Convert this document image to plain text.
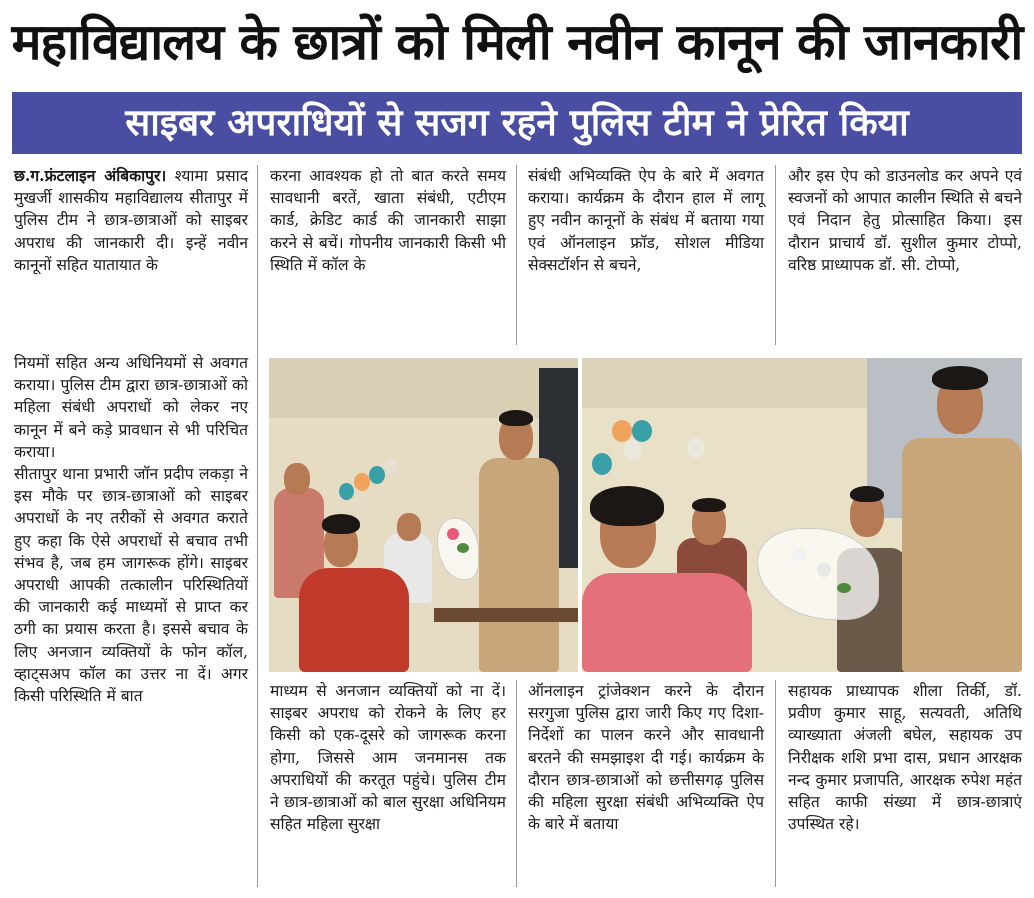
महाविद्यालय के छात्रों को मिली नवीन कानून की जानकारी
साइबर अपराधियों से सजग रहने पुलिस टीम ने प्रेरित किया

छ.ग.फ्रंटलाइन अंबिकापुर। श्यामा प्रसाद मुखर्जी शासकीय महाविद्यालय सीतापुर में पुलिस टीम ने छात्र-छात्राओं को साइबर अपराध की जानकारी दी। इन्हें नवीन कानूनों सहित यातायात के

नियमों सहित अन्य अधिनियमों से अवगत कराया। पुलिस टीम द्वारा छात्र-छात्राओं को महिला संबंधी अपराधों को लेकर नए कानून में बने कड़े प्रावधान से भी परिचित कराया।

सीतापुर थाना प्रभारी जॉन प्रदीप लकड़ा ने इस मौके पर छात्र-छात्राओं को साइबर अपराधों के नए तरीकों से अवगत कराते हुए कहा कि ऐसे अपराधों से बचाव तभी संभव है, जब हम जागरूक होंगे। साइबर अपराधी आपकी तत्कालीन परिस्थितियों की जानकारी कई माध्यमों से प्राप्त कर ठगी का प्रयास करता है। इससे बचाव के लिए अनजान व्यक्तियों के फोन कॉल, व्हाट्सअप कॉल का उत्तर ना दें। अगर किसी परिस्थिति में बात

करना आवश्यक हो तो बात करते समय सावधानी बरतें, खाता संबंधी, एटीएम कार्ड, क्रेडिट कार्ड की जानकारी साझा करने से बचें। गोपनीय जानकारी किसी भी स्थिति में कॉल के
माध्यम से अनजान व्यक्तियों को ना दें। साइबर अपराध को रोकने के लिए हर किसी को एक-दूसरे को जागरूक करना होगा, जिससे आम जनमानस तक अपराधियों की करतूत पहुंचे। पुलिस टीम ने छात्र-छात्राओं को बाल सुरक्षा अधिनियम सहित महिला सुरक्षा
संबंधी अभिव्यक्ति ऐप के बारे में अवगत कराया। कार्यक्रम के दौरान हाल में लागू हुए नवीन कानूनों के संबंध में बताया गया एवं ऑनलाइन फ्रॉड, सोशल मीडिया सेक्सटॉर्शन से बचने,
ऑनलाइन ट्रांजेक्शन करने के दौरान सरगुजा पुलिस द्वारा जारी किए गए दिशा-निर्देशों का पालन करने और सावधानी बरतने की समझाइश दी गई। कार्यक्रम के दौरान छात्र-छात्राओं को छत्तीसगढ़ पुलिस की महिला सुरक्षा संबंधी अभिव्यक्ति ऐप के बारे में बताया
और इस ऐप को डाउनलोड कर अपने एवं स्वजनों को आपात कालीन स्थिति से बचने एवं निदान हेतु प्रोत्साहित किया। इस दौरान प्राचार्य डॉ. सुशील कुमार टोप्पो, वरिष्ठ प्राध्यापक डॉ. सी. टोप्पो,
सहायक प्राध्यापक शीला तिर्की, डॉ. प्रवीण कुमार साहू, सत्यवती, अतिथि व्याख्याता अंजली बघेल, सहायक उप निरीक्षक शशि प्रभा दास, प्रधान आरक्षक नन्द कुमार प्रजापति, आरक्षक रुपेश महंत सहित काफी संख्या में छात्र-छात्राएं उपस्थित रहे।
